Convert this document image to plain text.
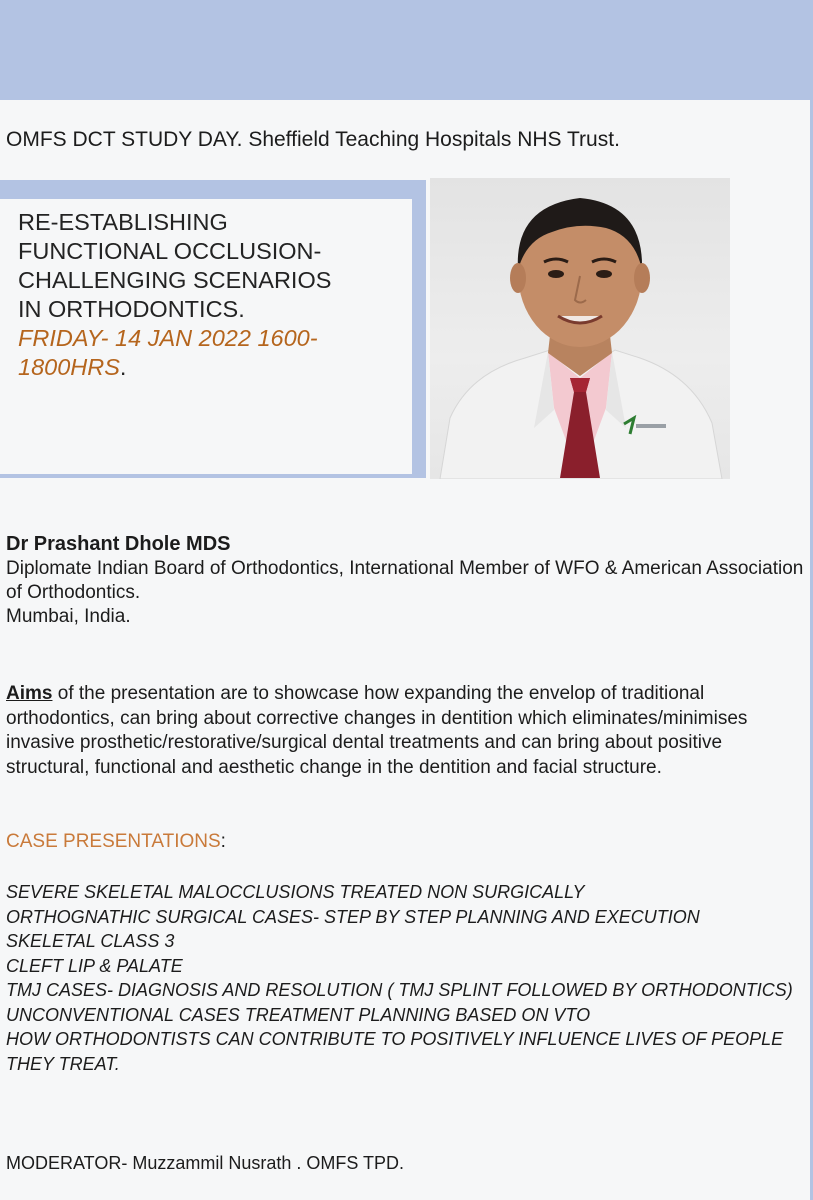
OMFS DCT STUDY DAY. Sheffield Teaching Hospitals NHS Trust.

RE-ESTABLISHING
FUNCTIONAL OCCLUSION-
CHALLENGING SCENARIOS
IN ORTHODONTICS.
FRIDAY- 14 JAN 2022 1600-
1800HRS.

Dr Prashant Dhole MDS
Diplomate Indian Board of Orthodontics, International Member of WFO & American Association of Orthodontics.
Mumbai, India.

Aims of the presentation are to showcase how expanding the envelop of traditional orthodontics, can bring about corrective changes in dentition which eliminates/minimises invasive prosthetic/restorative/surgical dental treatments and can bring about positive structural, functional and aesthetic change in the dentition and facial structure.

CASE PRESENTATIONS:

SEVERE SKELETAL MALOCCLUSIONS TREATED NON SURGICALLY
ORTHOGNATHIC SURGICAL CASES- STEP BY STEP PLANNING AND EXECUTION
SKELETAL CLASS 3
CLEFT LIP & PALATE
TMJ CASES- DIAGNOSIS AND RESOLUTION ( TMJ SPLINT FOLLOWED BY ORTHODONTICS)
UNCONVENTIONAL CASES TREATMENT PLANNING BASED ON VTO
HOW ORTHODONTISTS CAN CONTRIBUTE TO POSITIVELY INFLUENCE LIVES OF PEOPLE THEY TREAT.

MODERATOR- Muzzammil Nusrath . OMFS TPD.
